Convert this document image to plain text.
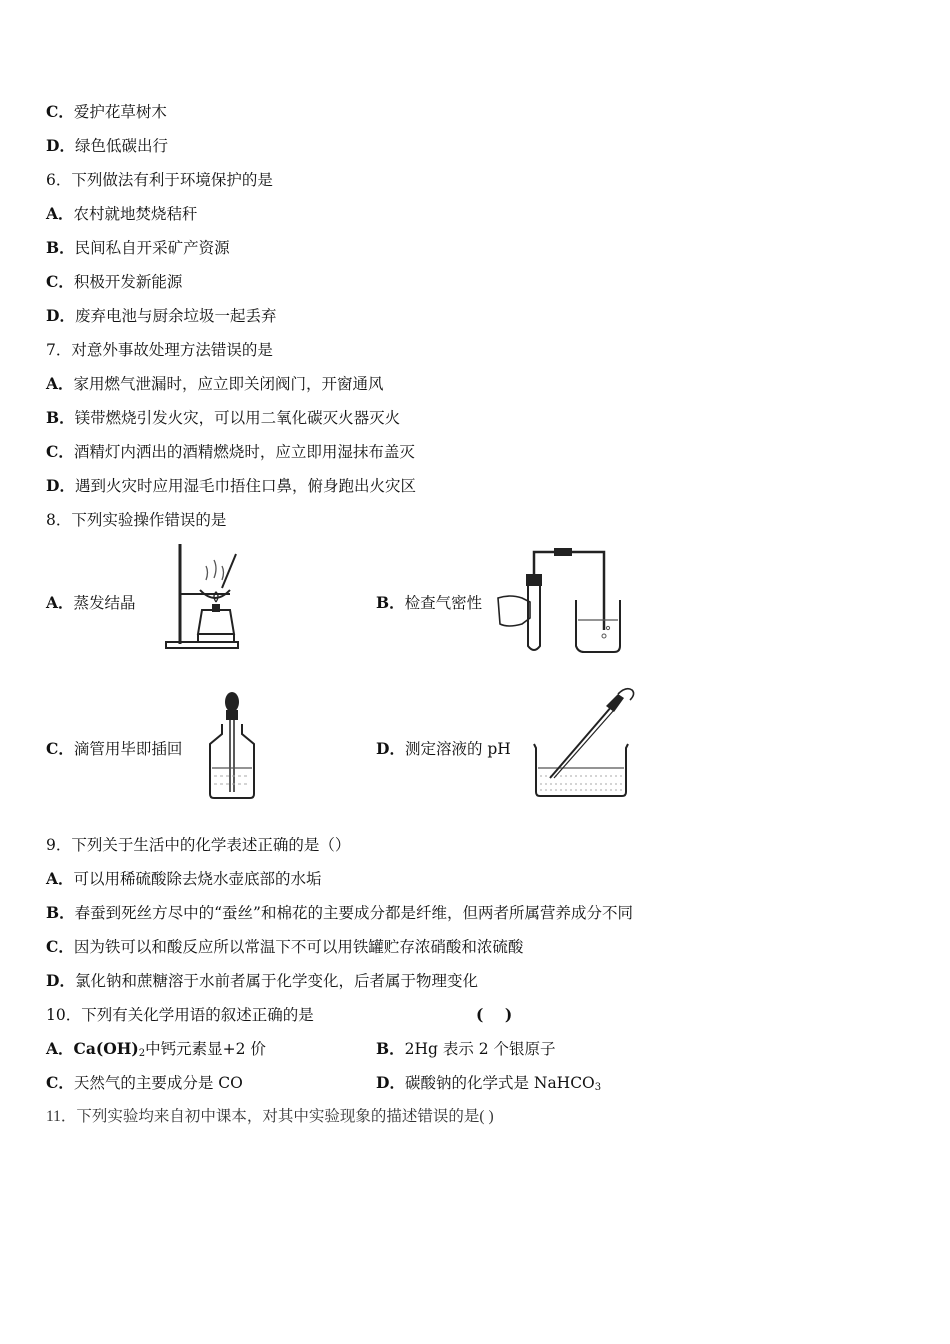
C．爱护花草树木
D．绿色低碳出行
6．下列做法有利于环境保护的是
A．农村就地焚烧秸秆
B．民间私自开采矿产资源
C．积极开发新能源
D．废弃电池与厨余垃圾一起丢弃
7．对意外事故处理方法错误的是
A．家用燃气泄漏时，应立即关闭阀门，开窗通风
B．镁带燃烧引发火灾，可以用二氧化碳灭火器灭火
C．酒精灯内洒出的酒精燃烧时，应立即用湿抹布盖灭
D．遇到火灾时应用湿毛巾捂住口鼻，俯身跑出火灾区
8．下列实验操作错误的是
A．蒸发结晶	B．检查气密性
C．滴管用毕即插回	D．测定溶液的 pH
9．下列关于生活中的化学表述正确的是（）
A．可以用稀硫酸除去烧水壶底部的水垢
B．春蚕到死丝方尽中的“蚕丝”和棉花的主要成分都是纤维，但两者所属营养成分不同
C．因为铁可以和酸反应所以常温下不可以用铁罐贮存浓硝酸和浓硫酸
D．氯化钠和蔗糖溶于水前者属于化学变化，后者属于物理变化
10．下列有关化学用语的叙述正确的是	(    )
A．$Ca(OH)_2$中钙元素显+2 价	B．2Hg 表示 2 个银原子
C．天然气的主要成分是 CO	D．碳酸钠的化学式是 NaHCO$_3$
11．下列实验均来自初中课本，对其中实验现象的描述错误的是( )
